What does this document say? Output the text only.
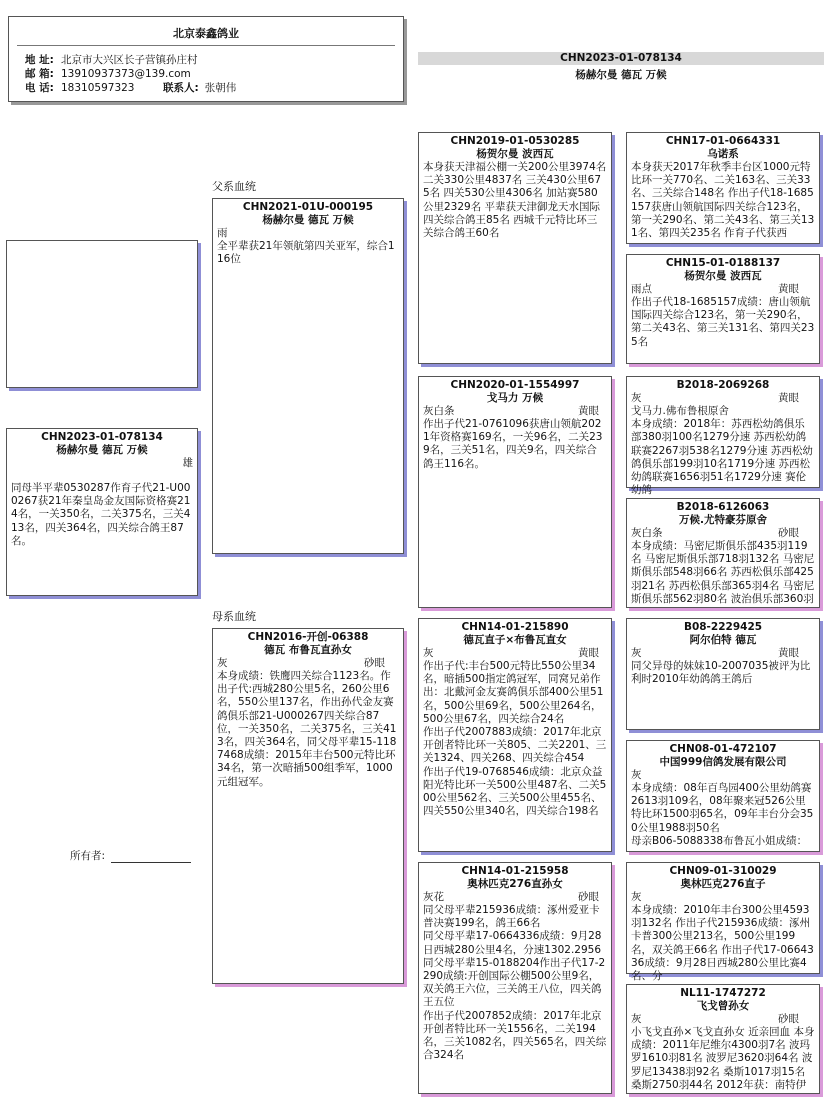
北京泰鑫鸽业
地 址: 北京市大兴区长子营镇孙庄村
邮 箱: 13910937373@139.com
电 话: 18310597323	联系人: 张朝伟
CHN2023-01-078134
杨赫尔曼 德瓦 万候
父系血统
母系血统
CHN2023-01-078134
杨赫尔曼 德瓦 万候
雄
同母半平辈0530287作育子代21-U000267获21年秦皇岛金友国际资格赛214名，一关350名，二关375名，三关413名，四关364名，四关综合鸽王87名。
CHN2021-01U-000195
杨赫尔曼 德瓦 万候
雨
全平辈获21年领航第四关亚军，综合116位
CHN2016-开创-06388
德瓦 布鲁瓦直孙女
灰	砂眼
本身成绩：铁鹰四关综合1123名。作出子代:西城280公里5名，260公里6名，550公里137名，作出孙代金友赛鸽俱乐部21-U000267四关综合87位，一关350名，二关375名，三关413名，四关364名，同父母平辈15-1187468成绩：2015年丰台500元特比环34名，第一次暗插500组季军，1000元组冠军。
CHN2019-01-0530285
杨贺尔曼 波西瓦
本身获天津福公棚一关200公里3974名 二关330公里4837名 三关430公里675名 四关530公里4306名 加站赛580公里2329名 平辈获天津御龙天水国际四关综合鸽王85名 西城千元特比环三关综合鸽王60名
CHN2020-01-1554997
戈马力 万候
灰白条	黄眼
作出子代21-0761096获唐山领航2021年资格赛169名，一关96名，二关239名，三关51名，四关9名，四关综合鸽王116名。
CHN14-01-215890
德瓦直子×布鲁瓦直女
灰	黄眼
作出子代:丰台500元特比550公里34名，暗插500指定鸽冠军，同窝兄弟作出：北戴河金友赛鸽俱乐部400公里51名，500公里69名，500公里264名，500公里67名，四关综合24名
作出子代2007883成绩：2017年北京开创者特比环一关805、二关2201、三关1324、四关268、四关综合454
作出子代19-0768546成绩：北京众益阳光特比环一关500公里487名、二关500公里562名、三关500公里455名、四关550公里340名，四关综合198名
CHN14-01-215958
奥林匹克276直孙女
灰花	砂眼
同父母平辈215936成绩：涿州爱亚卡普决赛199名，鸽王66名
同父母平辈17-0664336成绩：9月28日西城280公里4名，分速1302.2956
同父母平辈15-0188204作出子代17-2290成绩:开创国际公棚500公里9名，双关鸽王六位，三关鸽王八位，四关鸽王五位
作出子代2007852成绩：2017年北京开创者特比环一关1556名，二关194名，三关1082名，四关565名，四关综合324名
CHN17-01-0664331
乌诺系
本身获天2017年秋季丰台区1000元特比环一关770名、二关163名、三关33名、三关综合148名 作出子代18-1685157获唐山领航国际四关综合123名，第一关290名、第二关43名、第三关131名、第四关235名 作育子代获西
CHN15-01-0188137
杨贺尔曼 波西瓦
雨点	黄眼
作出子代18-1685157成绩：唐山领航国际四关综合123名，第一关290名，第二关43名、第三关131名、第四关235名
B2018-2069268
灰	黄眼
戈马力.佛布鲁根原舍
本身成绩：2018年：苏西松幼鸽俱乐部380羽100名1279分速 苏西松幼鸽联赛2267羽538名1279分速 苏西松幼鸽俱乐部199羽10名1719分速 苏西松幼鸽联赛1656羽51名1729分速 赛伦幼鸽
B2018-6126063
万候.尤特豪芬原舍
灰白条	砂眼
本身成绩：马密尼斯俱乐部435羽119名 马密尼斯俱乐部718羽132名 马密尼斯俱乐部548羽66名 苏西松俱乐部425羽21名 苏西松俱乐部365羽4名 马密尼斯俱乐部562羽80名 波治俱乐部360羽
B08-2229425
阿尔伯特 德瓦
灰	黄眼
同父异母的妹妹10-2007035被评为比利时2010年幼鸽鸽王鸽后
CHN08-01-472107
中国999信鸽发展有限公司
灰
本身成绩：08年百鸟园400公里幼鸽赛2613羽109名，08年聚来冠526公里特比环1500羽65名，09年丰台分会350公里1988羽50名
母亲B06-5088338布鲁瓦小姐成绩：
CHN09-01-310029
奥林匹克276直子
灰
本身成绩：2010年丰台300公里4593羽132名 作出子代215936成绩：涿州卡普300公里213名，500公里199名，双关鸽王66名 作出子代17-0664336成绩：9月28日西城280公里比赛4名、分
NL11-1747272
飞戈曾孙女
灰	砂眼
小飞戈直孙×飞戈直孙女 近亲回血 本身成绩：2011年尼维尔4300羽7名 波玛罗1610羽81名 波罗尼3620羽64名 波罗尼13438羽92名 桑斯1017羽15名 桑斯2750羽44名 2012年获：南特伊
所有者:
